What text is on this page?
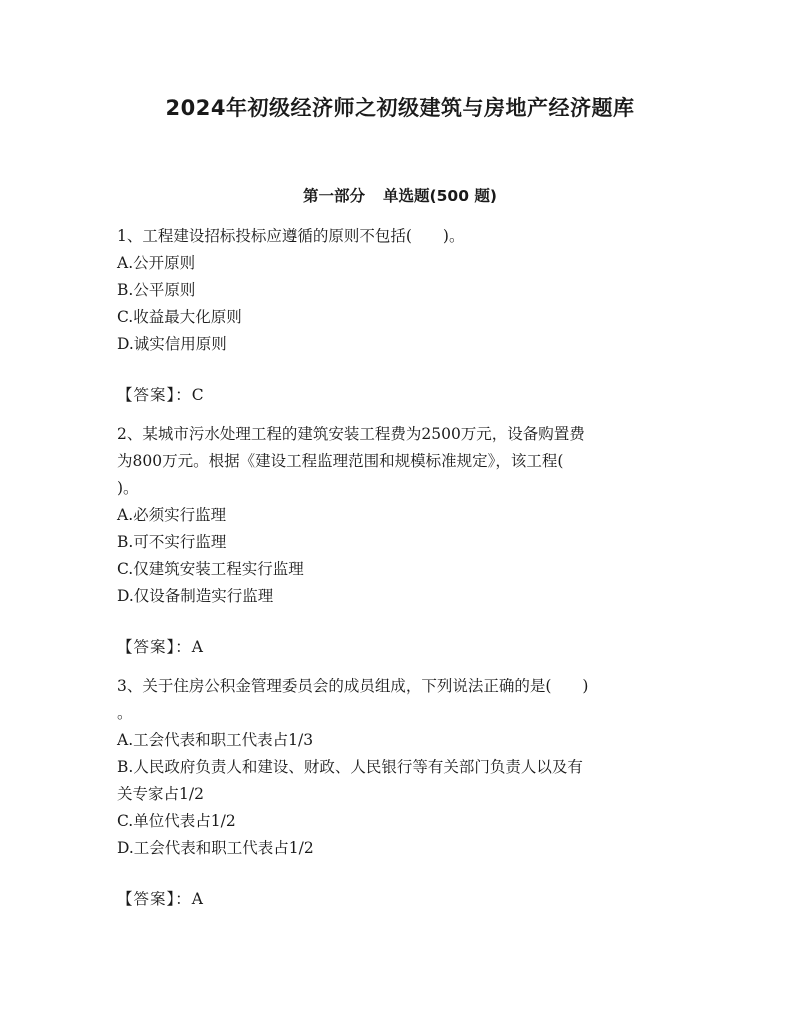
2024年初级经济师之初级建筑与房地产经济题库
第一部分 单选题(500 题)
1、工程建设招标投标应遵循的原则不包括(　　)。
A.公开原则
B.公平原则
C.收益最大化原则
D.诚实信用原则
【答案】：C
2、某城市污水处理工程的建筑安装工程费为2500万元，设备购置费
为800万元。根据《建设工程监理范围和规模标准规定》，该工程(
)。
A.必须实行监理
B.可不实行监理
C.仅建筑安装工程实行监理
D.仅设备制造实行监理
【答案】：A
3、关于住房公积金管理委员会的成员组成，下列说法正确的是(　　)
。
A.工会代表和职工代表占1/3
B.人民政府负责人和建设、财政、人民银行等有关部门负责人以及有
关专家占1/2
C.单位代表占1/2
D.工会代表和职工代表占1/2
【答案】：A
